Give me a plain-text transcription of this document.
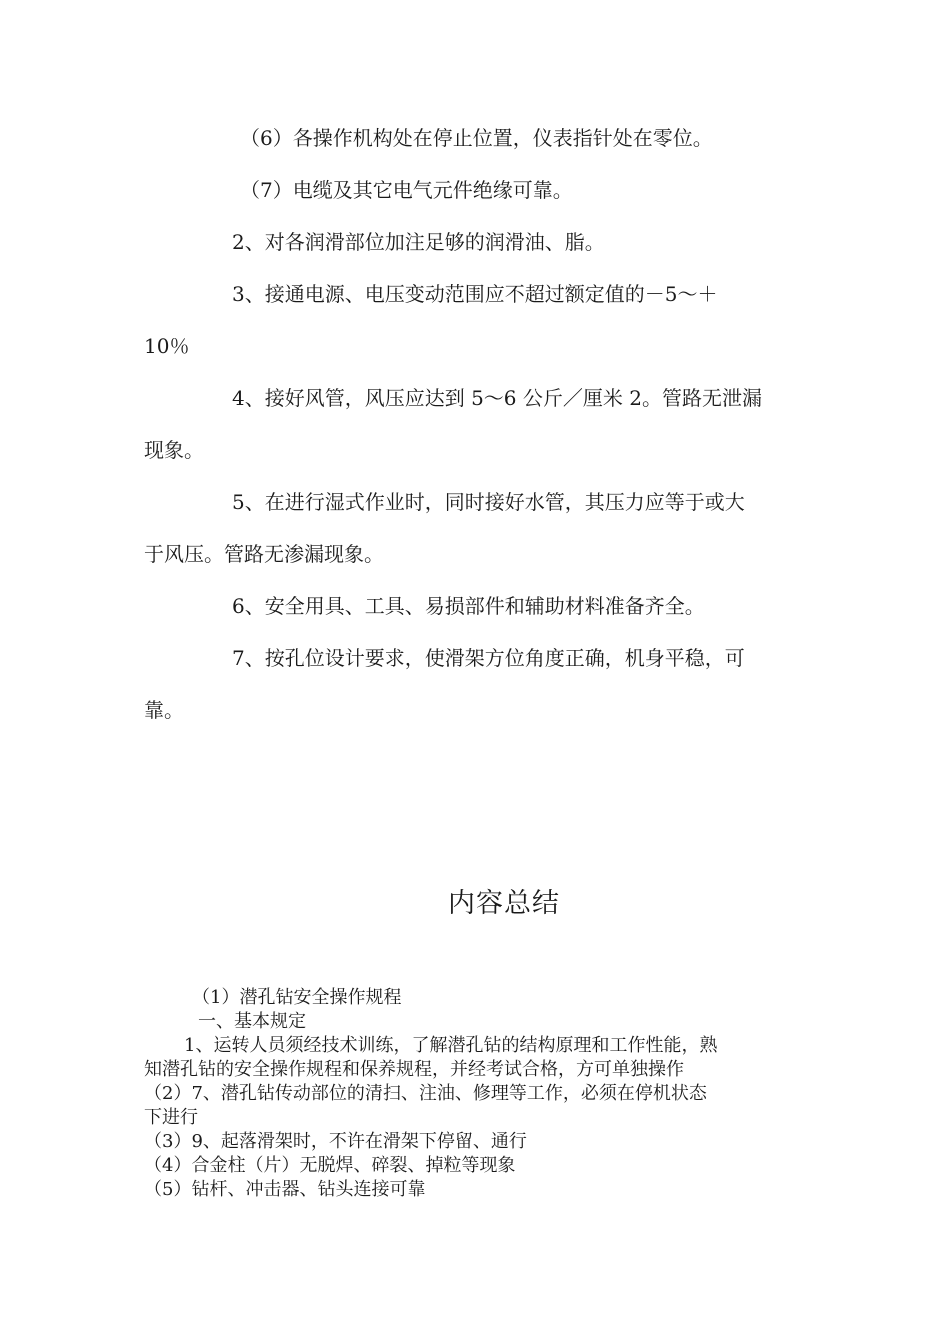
（6）各操作机构处在停止位置，仪表指针处在零位。

（7）电缆及其它电气元件绝缘可靠。

2、对各润滑部位加注足够的润滑油、脂。

3、接通电源、电压变动范围应不超过额定值的－5～＋

10％

4、接好风管，风压应达到 5～6 公斤／厘米 2。管路无泄漏

现象。

5、在进行湿式作业时，同时接好水管，其压力应等于或大

于风压。管路无渗漏现象。

6、安全用具、工具、易损部件和辅助材料准备齐全。

7、按孔位设计要求，使滑架方位角度正确，机身平稳，可

靠。

内容总结

（1）潜孔钻安全操作规程

一、基本规定

1、运转人员须经技术训练，了解潜孔钻的结构原理和工作性能，熟

知潜孔钻的安全操作规程和保养规程，并经考试合格，方可单独操作

（2）7、潜孔钻传动部位的清扫、注油、修理等工作，必须在停机状态

下进行

（3）9、起落滑架时，不许在滑架下停留、通行

（4）合金柱（片）无脱焊、碎裂、掉粒等现象

（5）钻杆、冲击器、钻头连接可靠
